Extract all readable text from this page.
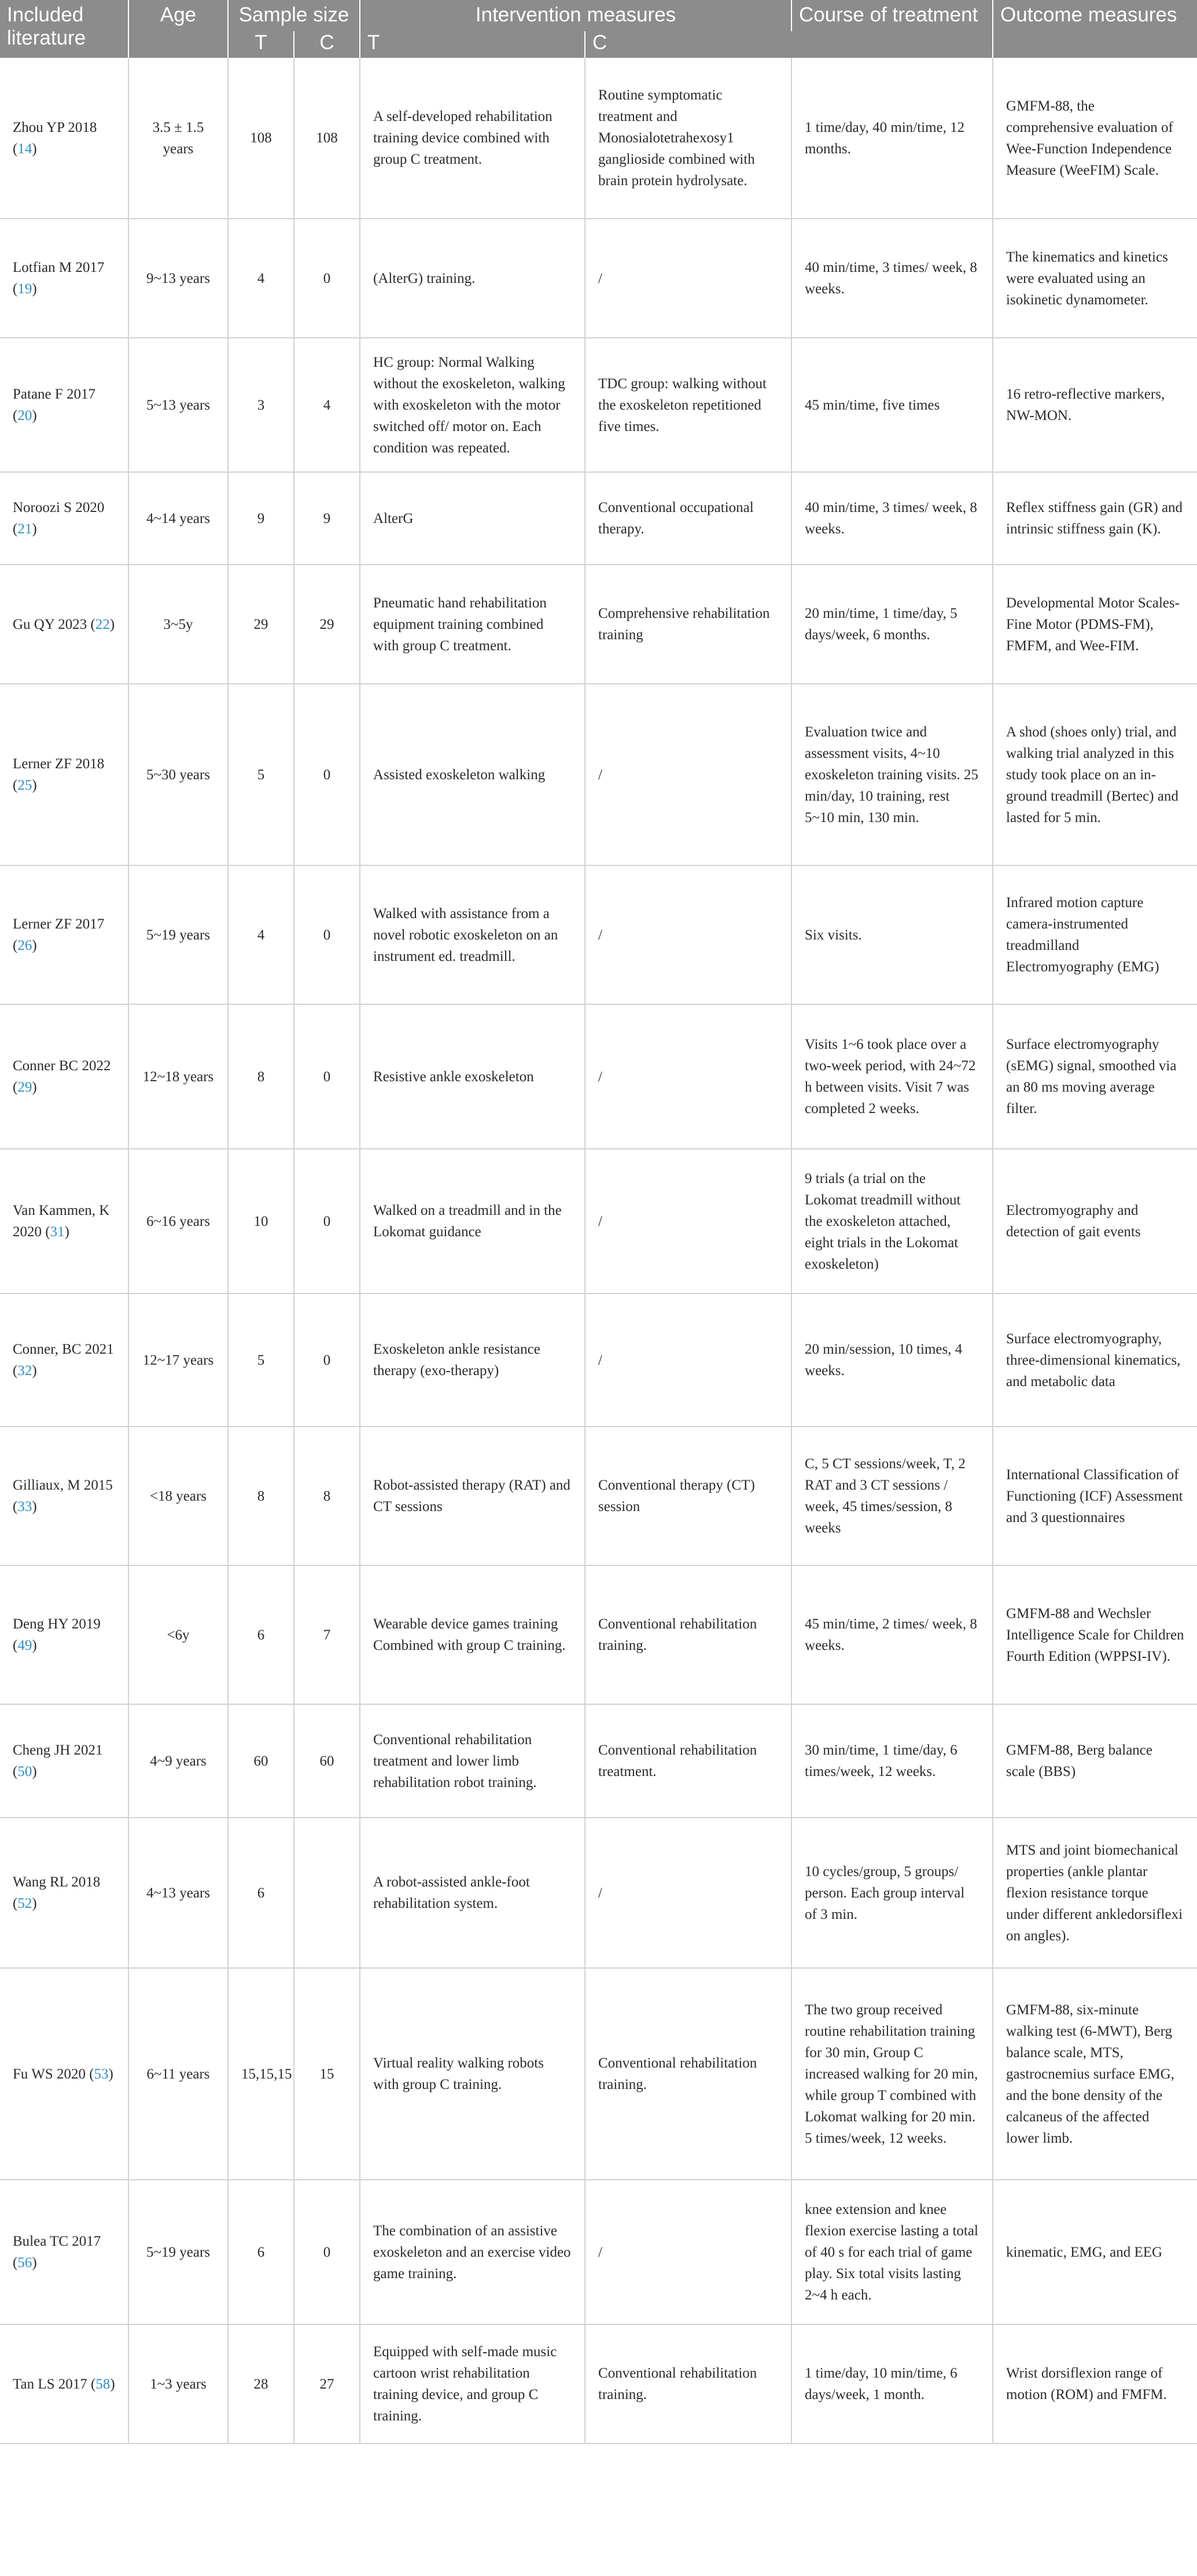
Included literature	Age	Sample size		Intervention measures		Course of treatment	Outcome measures
		T	C	T	C		
Zhou YP 2018 (14)	3.5 ± 1.5 years	108	108	A self-developed rehabilitation training device combined with group C treatment.	Routine symptomatic treatment and Monosialotetrahexosy1 ganglioside combined with brain protein hydrolysate.	1 time/day, 40 min/time, 12 months.	GMFM-88, the comprehensive evaluation of Wee-Function Independence Measure (WeeFIM) Scale.
Lotfian M 2017 (19)	9~13 years	4	0	(AlterG) training.	/	40 min/time, 3 times/ week, 8 weeks.	The kinematics and kinetics were evaluated using an isokinetic dynamometer.
Patane F 2017 (20)	5~13 years	3	4	HC group: Normal Walking without the exoskeleton, walking with exoskeleton with the motor switched off/ motor on. Each condition was repeated.	TDC group: walking without the exoskeleton repetitioned five times.	45 min/time, five times	16 retro-reflective markers, NW-MON.
Noroozi S 2020 (21)	4~14 years	9	9	AlterG	Conventional occupational therapy.	40 min/time, 3 times/ week, 8 weeks.	Reflex stiffness gain (GR) and intrinsic stiffness gain (K).
Gu QY 2023 (22)	3~5y	29	29	Pneumatic hand rehabilitation equipment training combined with group C treatment.	Comprehensive rehabilitation training	20 min/time, 1 time/day, 5 days/week, 6 months.	Developmental Motor Scales-Fine Motor (PDMS-FM), FMFM, and Wee-FIM.
Lerner ZF 2018 (25)	5~30 years	5	0	Assisted exoskeleton walking	/	Evaluation twice and assessment visits, 4~10 exoskeleton training visits. 25 min/day, 10 training, rest 5~10 min, 130 min.	A shod (shoes only) trial, and walking trial analyzed in this study took place on an in-ground treadmill (Bertec) and lasted for 5 min.
Lerner ZF 2017 (26)	5~19 years	4	0	Walked with assistance from a novel robotic exoskeleton on an instrument ed. treadmill.	/	Six visits.	Infrared motion capture camera-instrumented treadmilland Electromyography (EMG)
Conner BC 2022 (29)	12~18 years	8	0	Resistive ankle exoskeleton	/	Visits 1~6 took place over a two-week period, with 24~72 h between visits. Visit 7 was completed 2 weeks.	Surface electromyography (sEMG) signal, smoothed via an 80 ms moving average filter.
Van Kammen, K 2020 (31)	6~16 years	10	0	Walked on a treadmill and in the Lokomat guidance	/	9 trials (a trial on the Lokomat treadmill without the exoskeleton attached, eight trials in the Lokomat exoskeleton)	Electromyography and detection of gait events
Conner, BC 2021 (32)	12~17 years	5	0	Exoskeleton ankle resistance therapy (exo-therapy)	/	20 min/session, 10 times, 4 weeks.	Surface electromyography, three-dimensional kinematics, and metabolic data
Gilliaux, M 2015 (33)	<18 years	8	8	Robot-assisted therapy (RAT) and CT sessions	Conventional therapy (CT) session	C, 5 CT sessions/week, T, 2 RAT and 3 CT sessions / week, 45 times/session, 8 weeks	International Classification of Functioning (ICF) Assessment and 3 questionnaires
Deng HY 2019 (49)	<6y	6	7	Wearable device games training Combined with group C training.	Conventional rehabilitation training.	45 min/time, 2 times/ week, 8 weeks.	GMFM-88 and Wechsler Intelligence Scale for Children Fourth Edition (WPPSI-IV).
Cheng JH 2021 (50)	4~9 years	60	60	Conventional rehabilitation treatment and lower limb rehabilitation robot training.	Conventional rehabilitation treatment.	30 min/time, 1 time/day, 6 times/week, 12 weeks.	GMFM-88, Berg balance scale (BBS)
Wang RL 2018 (52)	4~13 years	6		A robot-assisted ankle-foot rehabilitation system.	/	10 cycles/group, 5 groups/ person. Each group interval of 3 min.	MTS and joint biomechanical properties (ankle plantar flexion resistance torque under different ankledorsiflexi on angles).
Fu WS 2020 (53)	6~11 years	15,15,15	15	Virtual reality walking robots with group C training.	Conventional rehabilitation training.	The two group received routine rehabilitation training for 30 min, Group C increased walking for 20 min, while group T combined with Lokomat walking for 20 min. 5 times/week, 12 weeks.	GMFM-88, six-minute walking test (6-MWT), Berg balance scale, MTS, gastrocnemius surface EMG, and the bone density of the calcaneus of the affected lower limb.
Bulea TC 2017 (56)	5~19 years	6	0	The combination of an assistive exoskeleton and an exercise video game training.	/	knee extension and knee flexion exercise lasting a total of 40 s for each trial of game play. Six total visits lasting 2~4 h each.	kinematic, EMG, and EEG
Tan LS 2017 (58)	1~3 years	28	27	Equipped with self-made music cartoon wrist rehabilitation training device, and group C training.	Conventional rehabilitation training.	1 time/day, 10 min/time, 6 days/week, 1 month.	Wrist dorsiflexion range of motion (ROM) and FMFM.
